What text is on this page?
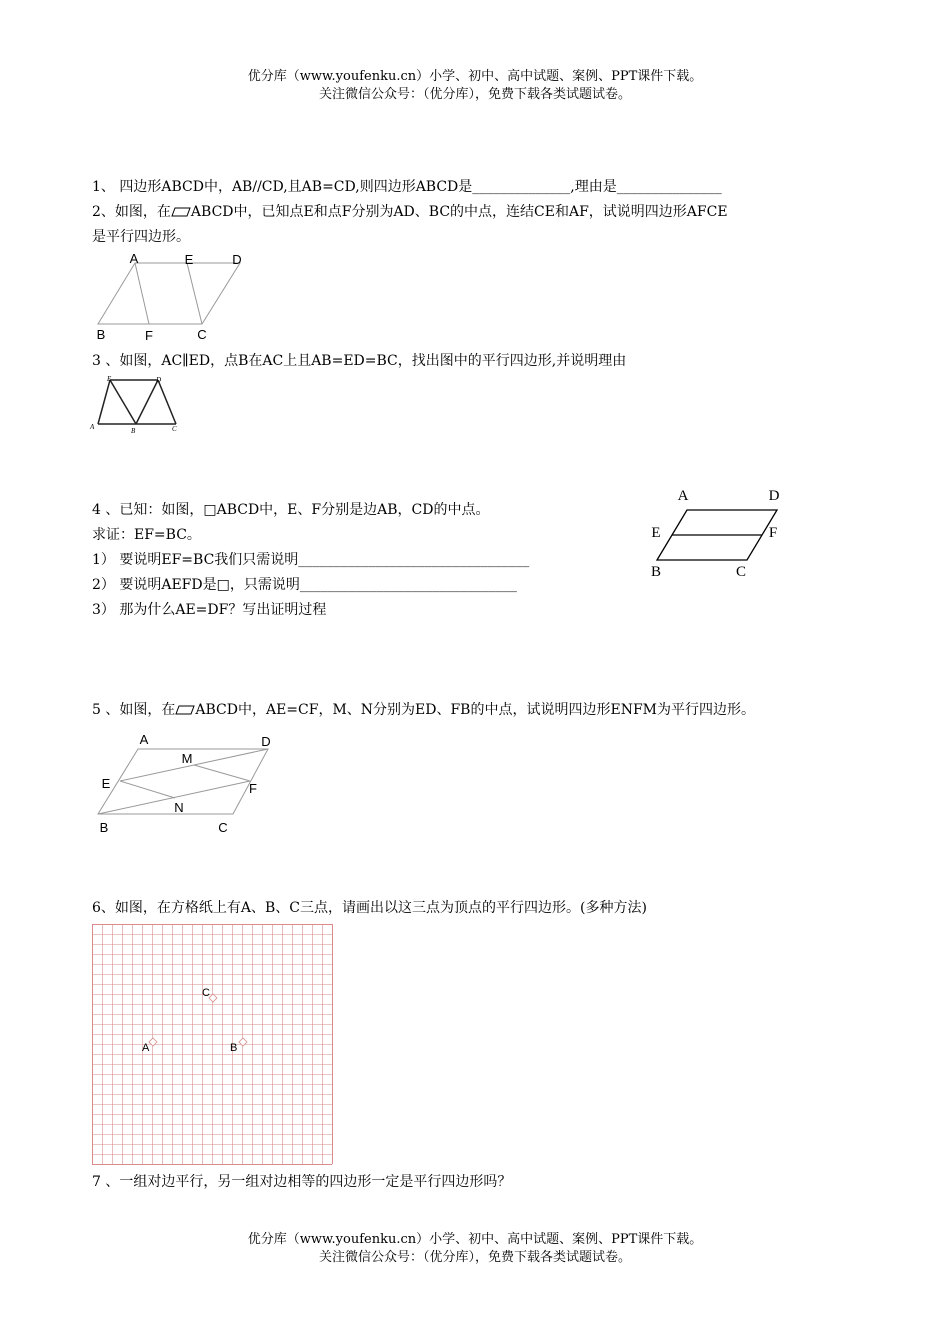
优分库（www.youfenku.cn）小学、初中、高中试题、案例、PPT课件下载。
关注微信公众号：（优分库），免费下载各类试题试卷。
1、 四边形ABCD中，AB//CD,且AB=CD,则四边形ABCD是______________,理由是_______________
2、如图，在 ABCD中，已知点E和点F分别为AD、BC的中点，连结CE和AF，试说明四边形AFCE
是平行四边形。
A	E	D
B	F	C
3 、如图，AC∥ED，点B在AC上且AB=ED=BC，找出图中的平行四边形,并说明理由
E	D
A	B	C
4 、已知：如图，□ABCD中，E、F分别是边AB，CD的中点。
求证：EF=BC。
1） 要说明EF=BC我们只需说明_________________________________
2） 要说明AEFD是□，只需说明_______________________________
3） 那为什么AE=DF？写出证明过程
A	D
E	F
B	C
5 、如图，在 ABCD中，AE=CF，M、N分别为ED、FB的中点，试说明四边形ENFM为平行四边形。
A	D
M
E	F
N
B	C
6、如图，在方格纸上有A、B、C三点，请画出以这三点为顶点的平行四边形。(多种方法)
C
A	B
7 、一组对边平行，另一组对边相等的四边形一定是平行四边形吗？
优分库（www.youfenku.cn）小学、初中、高中试题、案例、PPT课件下载。
关注微信公众号：（优分库），免费下载各类试题试卷。
